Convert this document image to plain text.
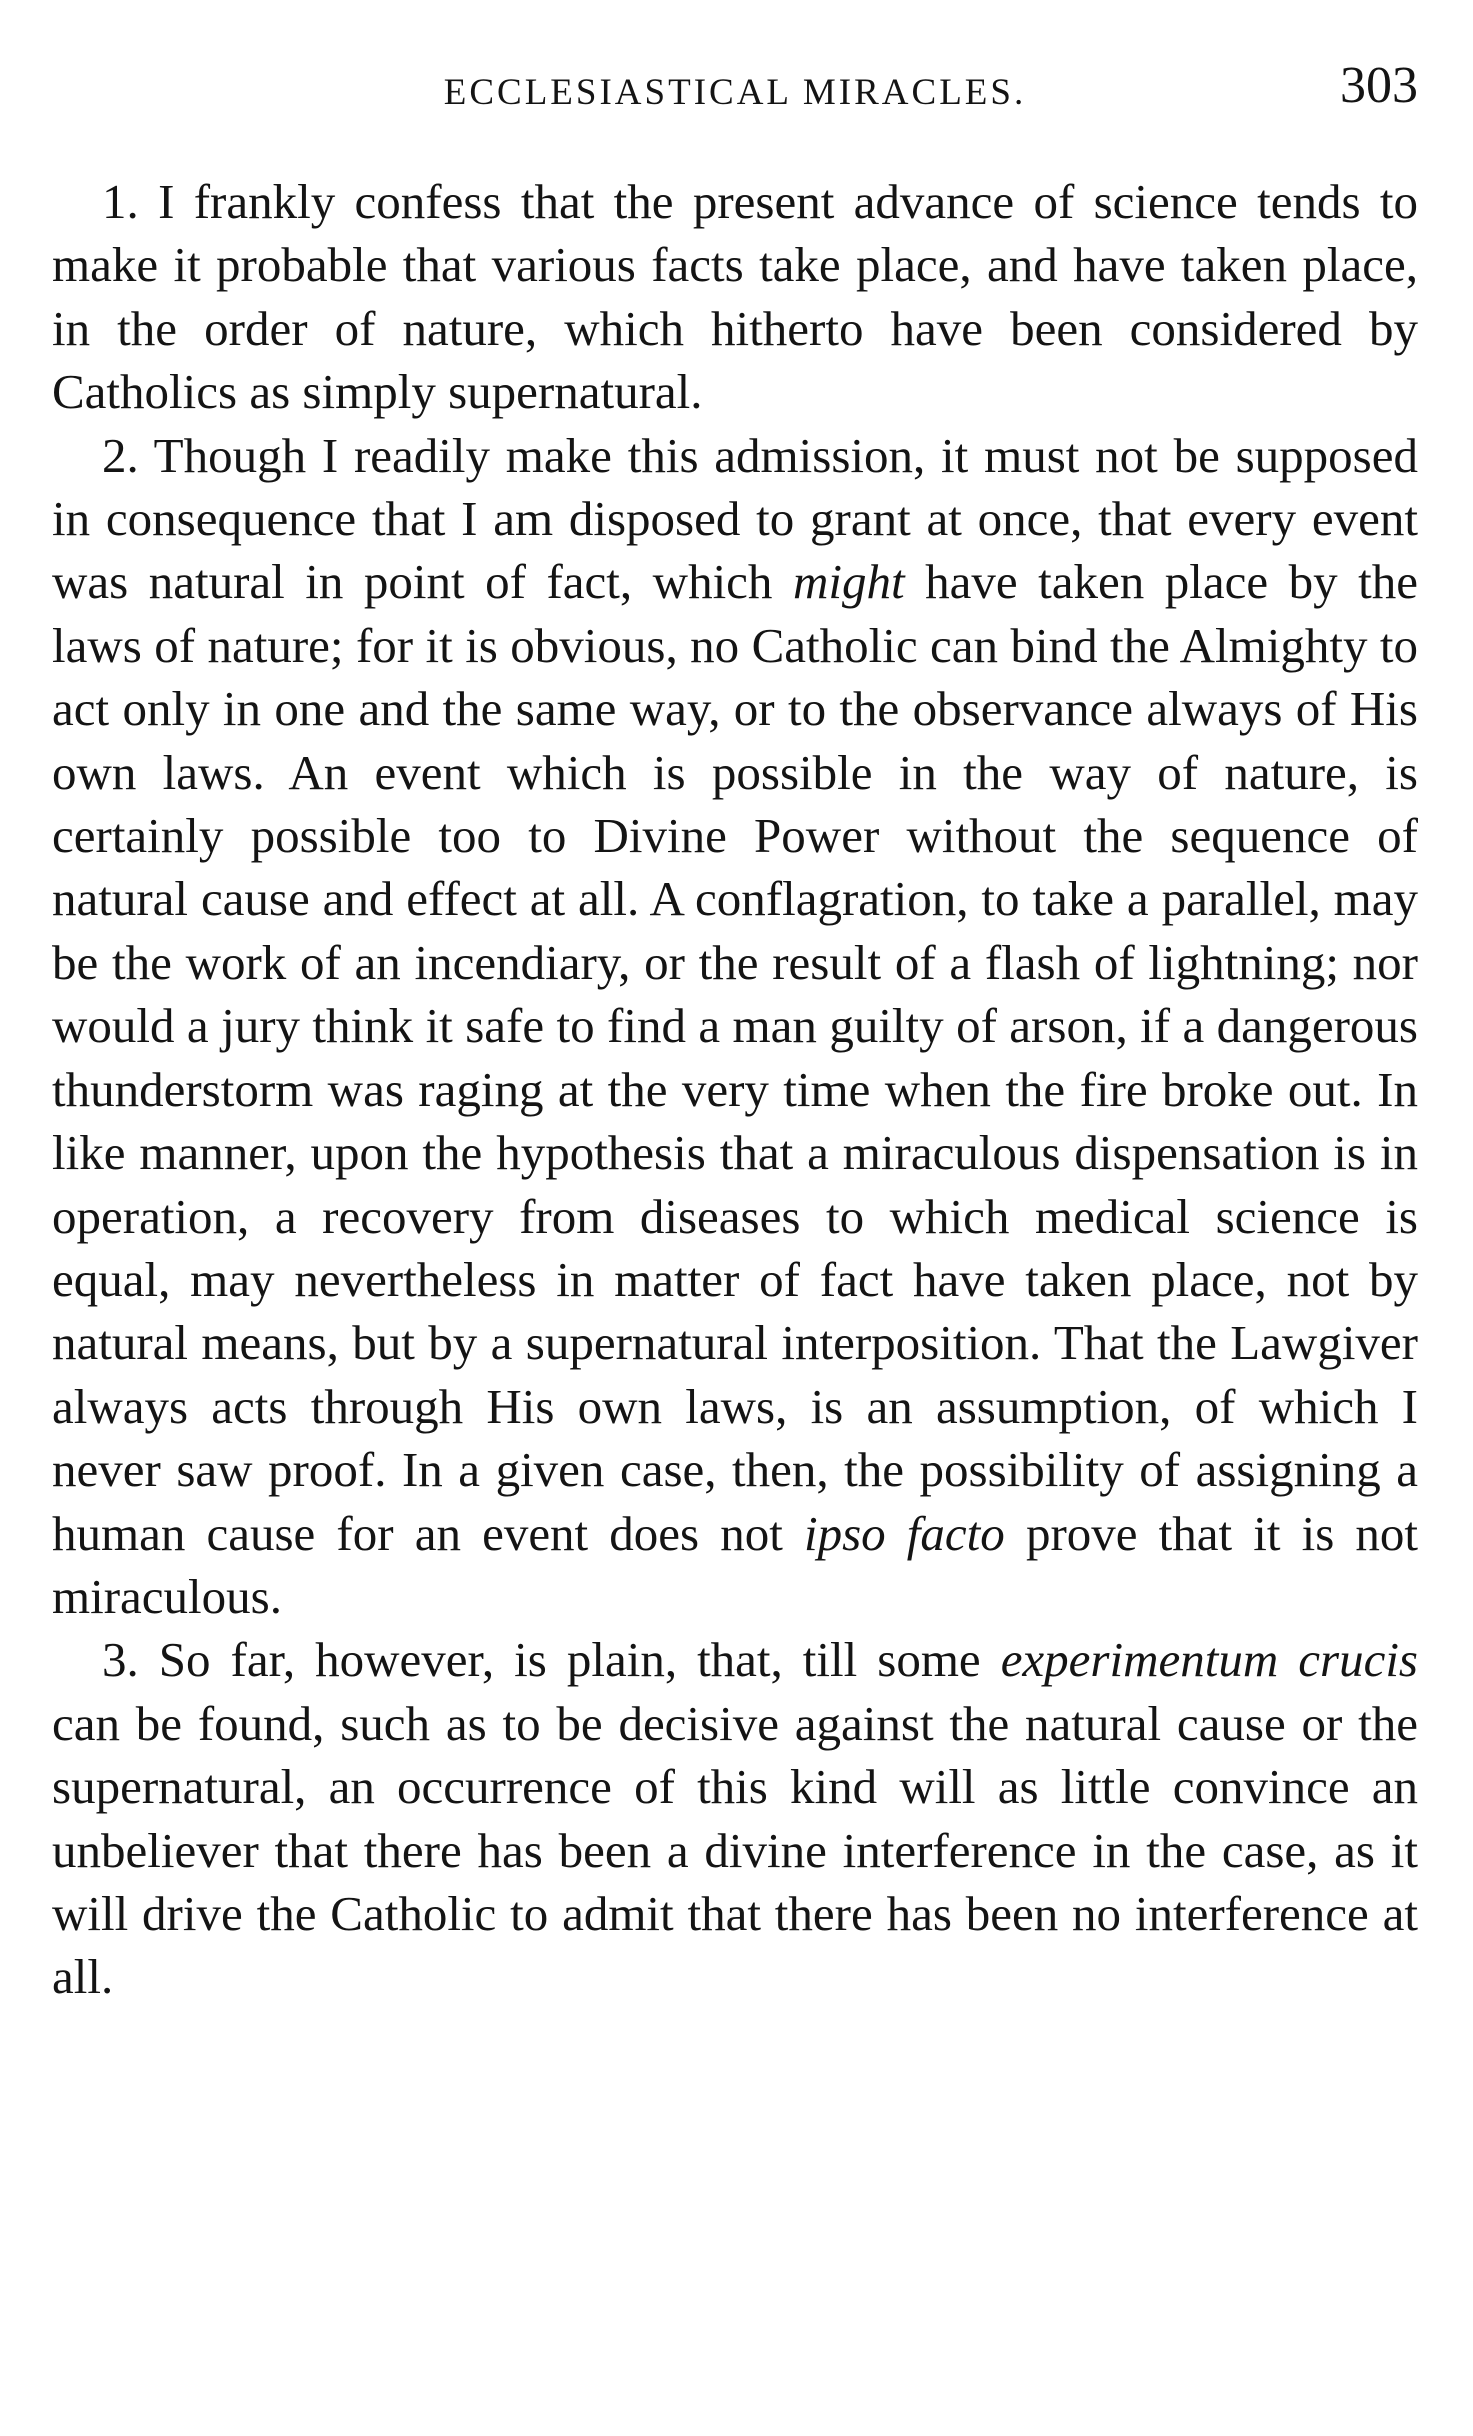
ECCLESIASTICAL MIRACLES.	303

1. I frankly confess that the present advance of science tends to make it probable that various facts take place, and have taken place, in the order of nature, which hitherto have been considered by Catholics as simply supernatural.

2. Though I readily make this admission, it must not be supposed in consequence that I am disposed to grant at once, that every event was natural in point of fact, which might have taken place by the laws of nature; for it is obvious, no Catholic can bind the Almighty to act only in one and the same way, or to the observance always of His own laws. An event which is possible in the way of nature, is certainly possible too to Divine Power without the sequence of natural cause and effect at all. A conflagration, to take a parallel, may be the work of an incendiary, or the result of a flash of lightning; nor would a jury think it safe to find a man guilty of arson, if a dangerous thunderstorm was raging at the very time when the fire broke out. In like manner, upon the hypothesis that a miraculous dispensation is in operation, a recovery from diseases to which medical science is equal, may nevertheless in matter of fact have taken place, not by natural means, but by a supernatural interposition. That the Lawgiver always acts through His own laws, is an assumption, of which I never saw proof. In a given case, then, the possibility of assigning a human cause for an event does not ipso facto prove that it is not miraculous.

3. So far, however, is plain, that, till some experimentum crucis can be found, such as to be decisive against the natural cause or the supernatural, an occurrence of this kind will as little convince an unbeliever that there has been a divine interference in the case, as it will drive the Catholic to admit that there has been no interference at all.
